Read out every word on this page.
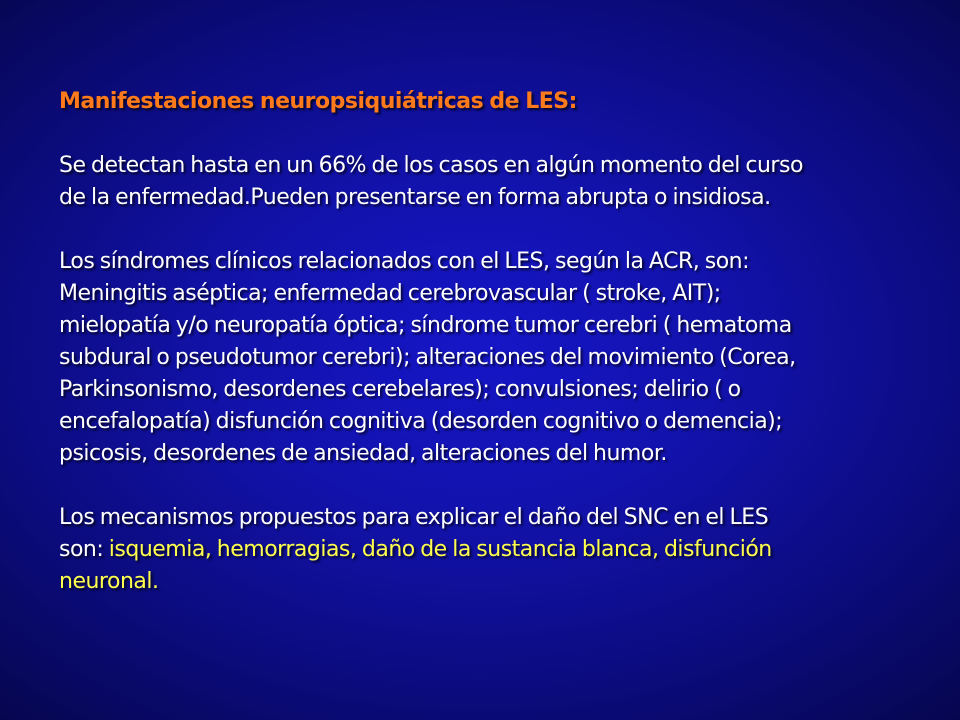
Manifestaciones neuropsiquiátricas de LES:

Se detectan hasta en un 66% de los casos en algún momento del curso
de la enfermedad.Pueden presentarse en forma abrupta o insidiosa.

Los síndromes clínicos relacionados con el LES, según la ACR, son:
Meningitis aséptica; enfermedad cerebrovascular ( stroke, AIT);
mielopatía y/o neuropatía óptica; síndrome tumor cerebri ( hematoma
subdural o pseudotumor cerebri); alteraciones del movimiento (Corea,
Parkinsonismo, desordenes cerebelares); convulsiones; delirio ( o
encefalopatía) disfunción cognitiva (desorden cognitivo o demencia);
psicosis, desordenes de ansiedad, alteraciones del humor.

Los mecanismos propuestos para explicar el daño del SNC en el LES
son: isquemia, hemorragias, daño de la sustancia blanca, disfunción
neuronal.
